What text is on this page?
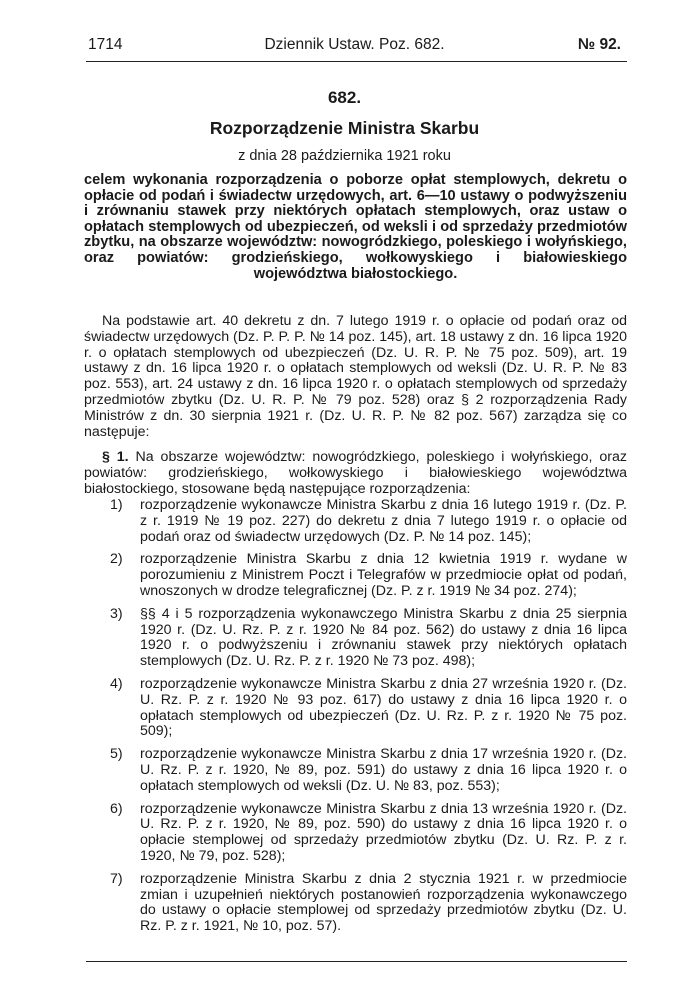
1714	Dziennik Ustaw. Poz. 682.	№ 92.
682.
Rozporządzenie Ministra Skarbu
z dnia 28 października 1921 roku
celem wykonania rozporządzenia o poborze opłat stemplowych, dekretu o opłacie od podań i świadectw urzędowych, art. 6—10 ustawy o podwyższeniu i zrównaniu stawek przy niektórych opłatach stemplowych, oraz ustaw o opłatach stemplowych od ubezpieczeń, od weksli i od sprzedaży przedmiotów zbytku, na obszarze województw: nowogródzkiego, poleskiego i wołyńskiego, oraz powiatów: grodzieńskiego, wołkowyskiego i białowieskiego województwa białostockiego.
Na podstawie art. 40 dekretu z dn. 7 lutego 1919 r. o opłacie od podań oraz od świadectw urzędowych (Dz. P. P. P. № 14 poz. 145), art. 18 ustawy z dn. 16 lipca 1920 r. o opłatach stemplowych od ubezpieczeń (Dz. U. R. P. № 75 poz. 509), art. 19 ustawy z dn. 16 lipca 1920 r. o opłatach stemplowych od weksli (Dz. U. R. P. № 83 poz. 553), art. 24 ustawy z dn. 16 lipca 1920 r. o opłatach stemplowych od sprzedaży przedmiotów zbytku (Dz. U. R. P. № 79 poz. 528) oraz § 2 rozporządzenia Rady Ministrów z dn. 30 sierpnia 1921 r. (Dz. U. R. P. № 82 poz. 567) zarządza się co następuje:
§ 1. Na obszarze województw: nowogródzkiego, poleskiego i wołyńskiego, oraz powiatów: grodzieńskiego, wołkowyskiego i białowieskiego województwa białostockiego, stosowane będą następujące rozporządzenia:
1) rozporządzenie wykonawcze Ministra Skarbu z dnia 16 lutego 1919 r. (Dz. P. z r. 1919 № 19 poz. 227) do dekretu z dnia 7 lutego 1919 r. o opłacie od podań oraz od świadectw urzędowych (Dz. P. № 14 poz. 145);
2) rozporządzenie Ministra Skarbu z dnia 12 kwietnia 1919 r. wydane w porozumieniu z Ministrem Poczt i Telegrafów w przedmiocie opłat od podań, wnoszonych w drodze telegraficznej (Dz. P. z r. 1919 № 34 poz. 274);
3) §§ 4 i 5 rozporządzenia wykonawczego Ministra Skarbu z dnia 25 sierpnia 1920 r. (Dz. U. Rz. P. z r. 1920 № 84 poz. 562) do ustawy z dnia 16 lipca 1920 r. o podwyższeniu i zrównaniu stawek przy niektórych opłatach stemplowych (Dz. U. Rz. P. z r. 1920 № 73 poz. 498);
4) rozporządzenie wykonawcze Ministra Skarbu z dnia 27 września 1920 r. (Dz. U. Rz. P. z r. 1920 № 93 poz. 617) do ustawy z dnia 16 lipca 1920 r. o opłatach stemplowych od ubezpieczeń (Dz. U. Rz. P. z r. 1920 № 75 poz. 509);
5) rozporządzenie wykonawcze Ministra Skarbu z dnia 17 września 1920 r. (Dz. U. Rz. P. z r. 1920, № 89, poz. 591) do ustawy z dnia 16 lipca 1920 r. o opłatach stemplowych od weksli (Dz. U. № 83, poz. 553);
6) rozporządzenie wykonawcze Ministra Skarbu z dnia 13 września 1920 r. (Dz. U. Rz. P. z r. 1920, № 89, poz. 590) do ustawy z dnia 16 lipca 1920 r. o opłacie stemplowej od sprzedaży przedmiotów zbytku (Dz. U. Rz. P. z r. 1920, № 79, poz. 528);
7) rozporządzenie Ministra Skarbu z dnia 2 stycznia 1921 r. w przedmiocie zmian i uzupełnień niektórych postanowień rozporządzenia wykonawczego do ustawy o opłacie stemplowej od sprzedaży przedmiotów zbytku (Dz. U. Rz. P. z r. 1921, № 10, poz. 57).
